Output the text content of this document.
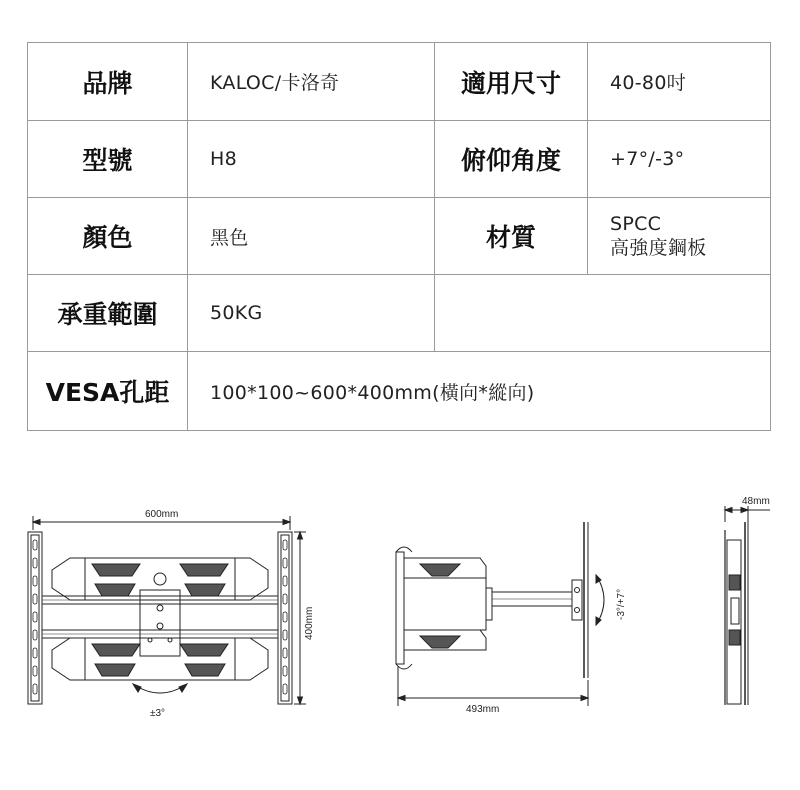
品牌	KALOC/卡洛奇	適用尺寸	40-80吋
型號	H8	俯仰角度	+7°/-3°
顏色	黑色	材質	SPCC
高強度鋼板

承重範圍	50KG		
VESA孔距	100*100~600*400mm(橫向*縱向)		
600mm
400mm
±3°	493mm
-3°/+7°
48mm
